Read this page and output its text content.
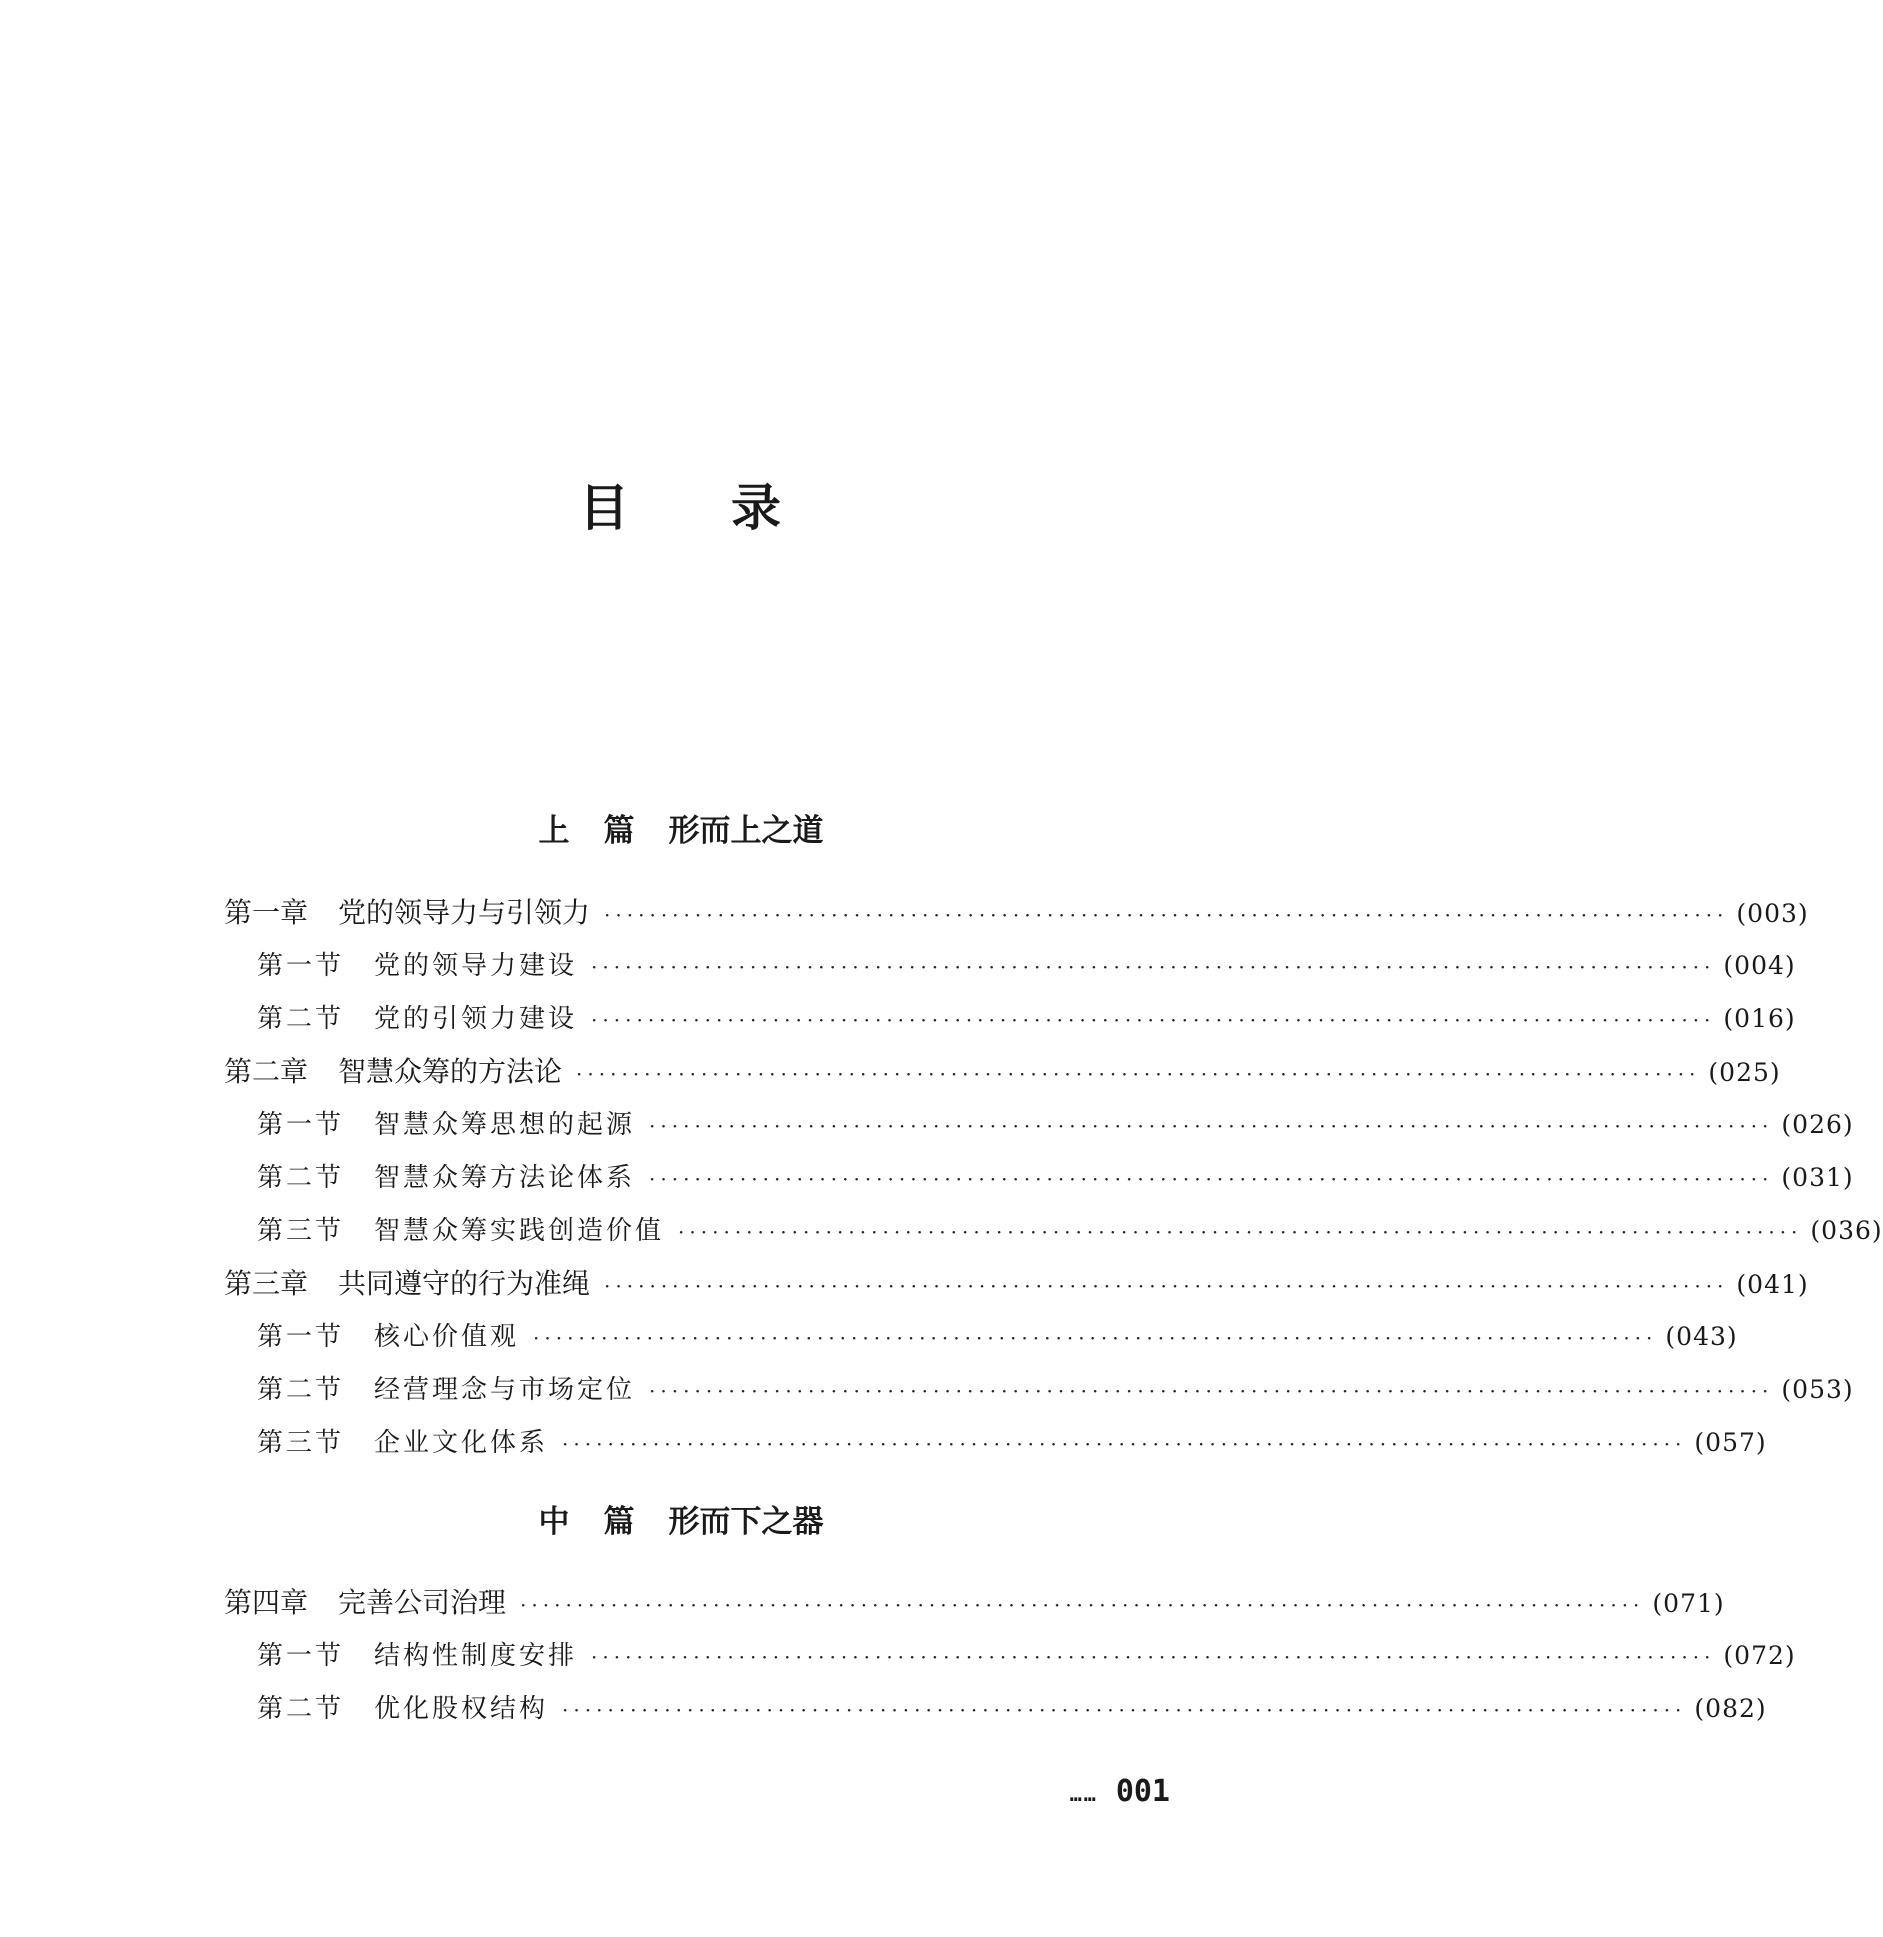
目 录
上 篇 形而上之道
第一章 党的领导力与引领力 ··································································································· (003)
第一节 党的领导力建设 ··································································································· (004)
第二节 党的引领力建设 ··································································································· (016)
第二章 智慧众筹的方法论 ··································································································· (025)
第一节 智慧众筹思想的起源 ··································································································· (026)
第二节 智慧众筹方法论体系 ··································································································· (031)
第三节 智慧众筹实践创造价值 ··································································································· (036)
第三章 共同遵守的行为准绳 ··································································································· (041)
第一节 核心价值观 ··································································································· (043)
第二节 经营理念与市场定位 ··································································································· (053)
第三节 企业文化体系 ··································································································· (057)
中 篇 形而下之器
第四章 完善公司治理 ··································································································· (071)
第一节 结构性制度安排 ··································································································· (072)
第二节 优化股权结构 ··································································································· (082)
…… 001
